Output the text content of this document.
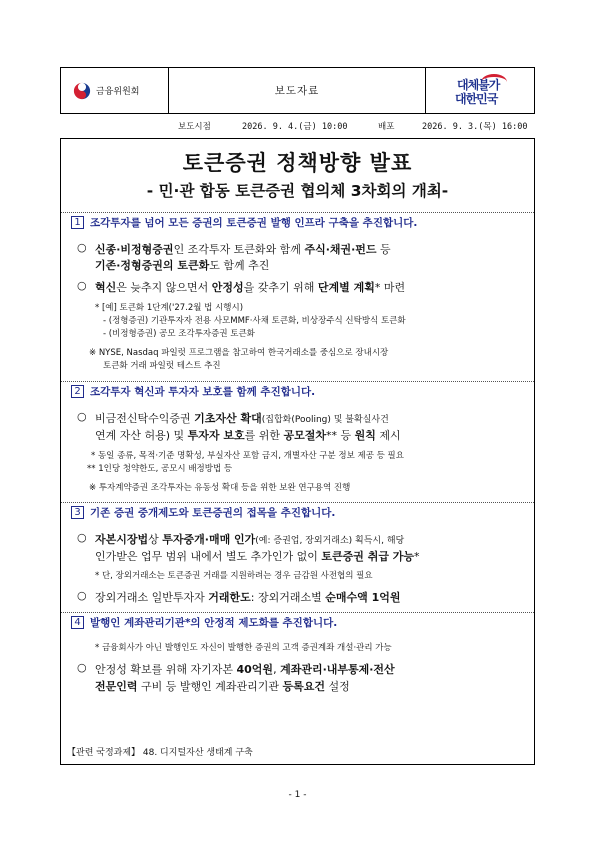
금융위원회	보도자료	대체불가
대한민국
보도시점	2026. 9. 4.(금) 10:00	배포	2026. 9. 3.(목) 16:00
토큰증권 정책방향 발표
- 민·관 합동 토큰증권 협의체 3차회의 개최-
1 조각투자를 넘어 모든 증권의 토큰증권 발행 인프라 구축을 추진합니다.
○ 신종·비정형증권인 조각투자 토큰화와 함께 주식·채권·펀드 등
기존·정형증권의 토큰화도 함께 추진
○ 혁신은 늦추지 않으면서 안정성을 갖추기 위해 단계별 계획* 마련
* [예] 토큰화 1단계('27.2월 법 시행시)
- (정형증권) 기관투자자 전용 사모MMF·사채 토큰화, 비상장주식 신탁방식 토큰화
- (비정형증권) 공모 조각투자증권 토큰화
※ NYSE, Nasdaq 파일럿 프로그램을 참고하여 한국거래소를 중심으로 장내시장
토큰화 거래 파일럿 테스트 추진
2 조각투자 혁신과 투자자 보호를 함께 추진합니다.
○ 비금전신탁수익증권 기초자산 확대(집합화(Pooling) 및 불확실사건
연계 자산 허용) 및 투자자 보호를 위한 공모절차** 등 원칙 제시
* 동일 종류, 목적·기준 명확성, 부실자산 포함 금지, 개별자산 구분 정보 제공 등 필요
** 1인당 청약한도, 공모시 배정방법 등
※ 투자계약증권 조각투자는 유동성 확대 등을 위한 보완 연구용역 진행
3 기존 증권 중개제도와 토큰증권의 접목을 추진합니다.
○ 자본시장법상 투자중개·매매 인가(예: 증권업, 장외거래소) 획득시, 해당
인가받은 업무 범위 내에서 별도 추가인가 없이 토큰증권 취급 가능*
* 단, 장외거래소는 토큰증권 거래를 지원하려는 경우 금감원 사전협의 필요
○ 장외거래소 일반투자자 거래한도: 장외거래소별 순매수액 1억원
4 발행인 계좌관리기관*의 안정적 제도화를 추진합니다.
* 금융회사가 아닌 발행인도 자신이 발행한 증권의 고객 증권계좌 개설·관리 가능
○ 안정성 확보를 위해 자기자본 40억원, 계좌관리·내부통제·전산
전문인력 구비 등 발행인 계좌관리기관 등록요건 설정
【관련 국정과제】 48. 디지털자산 생태계 구축
- 1 -
